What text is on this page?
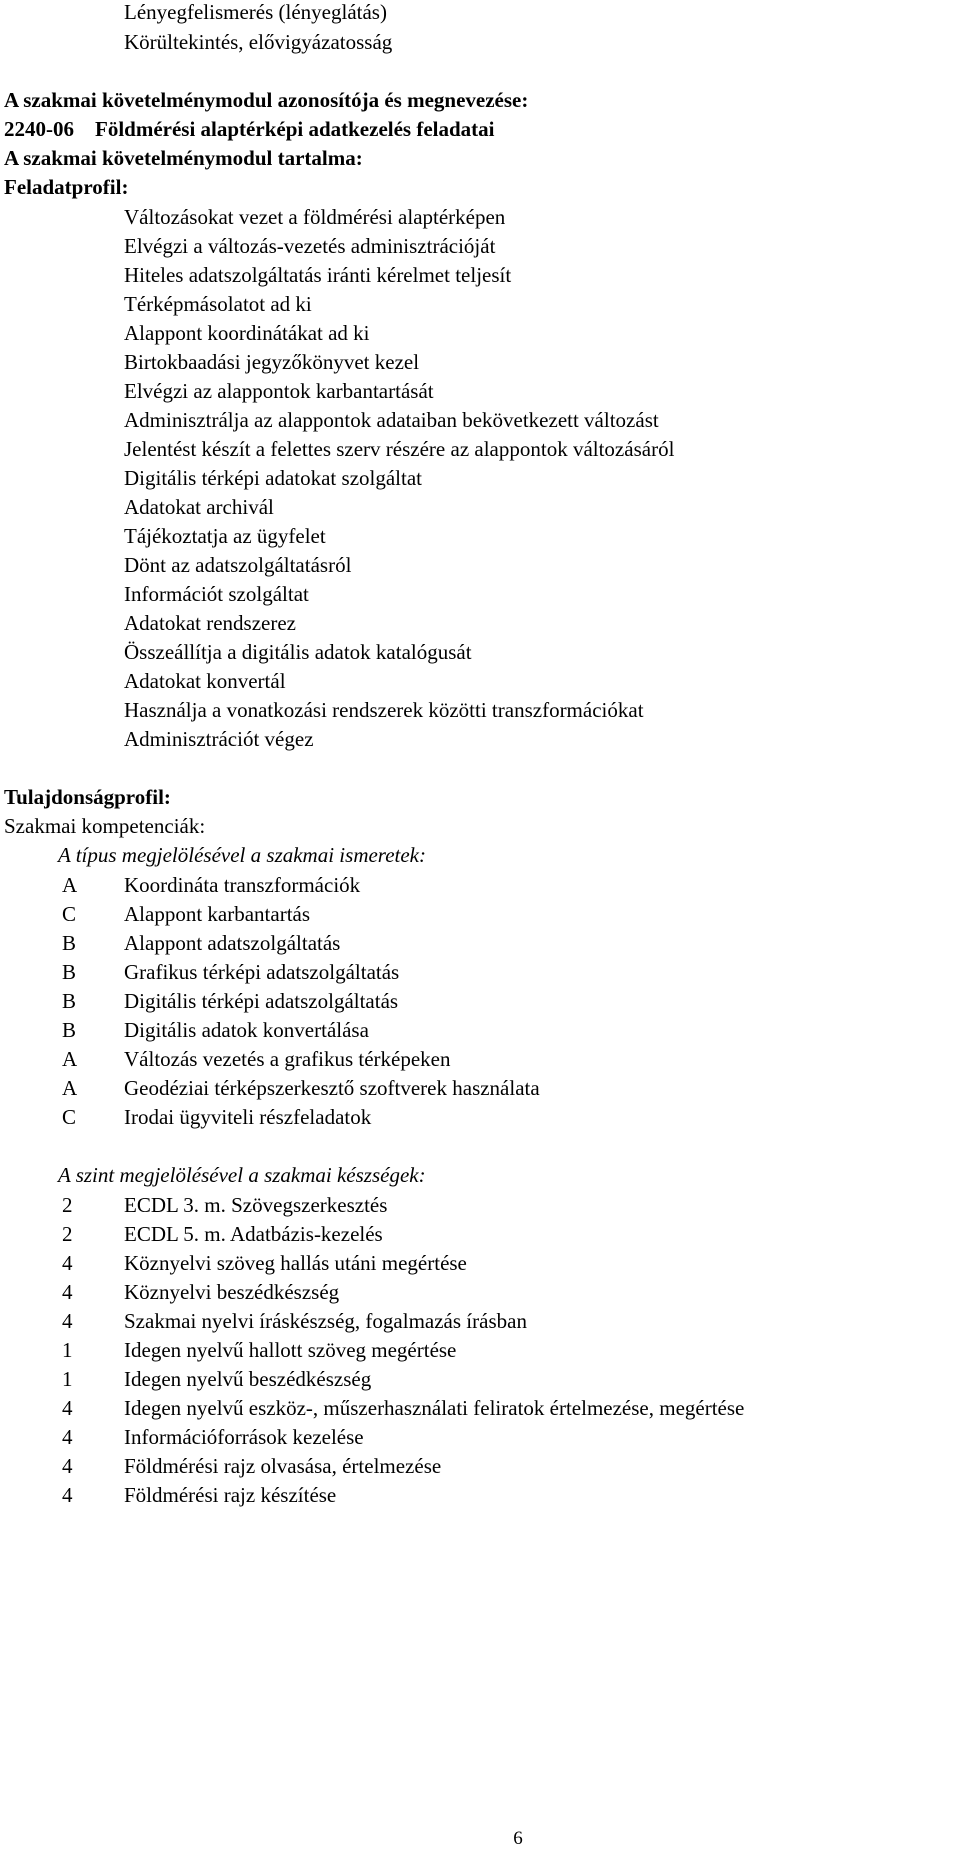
Lényegfelismerés (lényeglátás)
Körültekintés, elővigyázatosság
A szakmai követelménymodul azonosítója és megnevezése:
2240-06    Földmérési alaptérképi adatkezelés feladatai
A szakmai követelménymodul tartalma:
Feladatprofil:
Változásokat vezet a földmérési alaptérképen
Elvégzi a változás-vezetés adminisztrációját
Hiteles adatszolgáltatás iránti kérelmet teljesít
Térképmásolatot ad ki
Alappont koordinátákat ad ki
Birtokbaadási jegyzőkönyvet kezel
Elvégzi az alappontok karbantartását
Adminisztrálja az alappontok adataiban bekövetkezett változást
Jelentést készít a felettes szerv részére az alappontok változásáról
Digitális térképi adatokat szolgáltat
Adatokat archivál
Tájékoztatja az ügyfelet
Dönt az adatszolgáltatásról
Információt szolgáltat
Adatokat rendszerez
Összeállítja a digitális adatok katalógusát
Adatokat konvertál
Használja a vonatkozási rendszerek közötti transzformációkat
Adminisztrációt végez
Tulajdonságprofil:
Szakmai kompetenciák:
A típus megjelölésével a szakmai ismeretek:
A	Koordináta transzformációk
C	Alappont karbantartás
B	Alappont adatszolgáltatás
B	Grafikus térképi adatszolgáltatás
B	Digitális térképi adatszolgáltatás
B	Digitális adatok konvertálása
A	Változás vezetés a grafikus térképeken
A	Geodéziai térképszerkesztő szoftverek használata
C	Irodai ügyviteli részfeladatok
A szint megjelölésével a szakmai készségek:
2	ECDL 3. m. Szövegszerkesztés
2	ECDL 5. m. Adatbázis-kezelés
4	Köznyelvi szöveg hallás utáni megértése
4	Köznyelvi beszédkészség
4	Szakmai nyelvi íráskészség, fogalmazás írásban
1	Idegen nyelvű hallott szöveg megértése
1	Idegen nyelvű beszédkészség
4	Idegen nyelvű eszköz-, műszerhasználati feliratok értelmezése, megértése
4	Információforrások kezelése
4	Földmérési rajz olvasása, értelmezése
4	Földmérési rajz készítése
6
